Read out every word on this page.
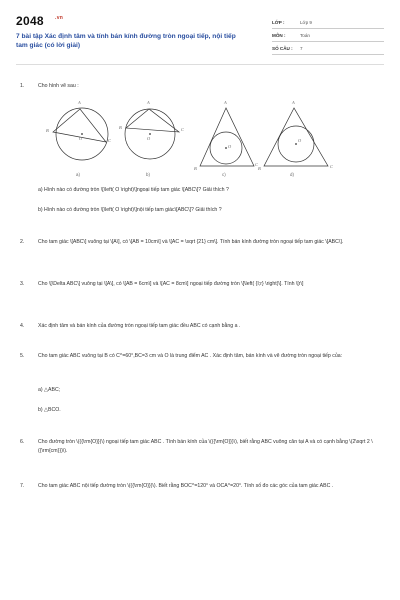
2048 .vn
7 bài tập Xác định tâm và tính bán kính đường tròn ngoại tiếp, nội tiếp tam giác (có lời giải)
LỚP :	Lớp 9
MÔN :	Toán
SỐ CÂU : 7
1.	Cho hình vẽ sau :
A
B
C
O
A
B	C
O
A
B
C
O
A
B	C
O
a)	b)	c)	d)
a) Hình nào có đường tròn \[\left( O \right)\]ngoại tiếp tam giác \[ABC\]? Giải thích ?
b) Hình nào có đường tròn \[\left( O \right)\]nội tiếp tam giác\[ABC\]? Giải thích ?
2.	Cho tam giác \[ABC\] vuông tại \[A\], có \[AB = 10cm\] và \[AC = \sqrt {21} cm\]. Tính bán kính đường tròn ngoại tiếp tam giác \[ABC\].
3.	Cho \[\Delta ABC\] vuông tại \[A\], có \[AB = 6cm\] và \[AC = 8cm\] ngoại tiếp đường tròn \[\left( {I;r} \right)\]. Tính \[r\]
4.	Xác định tâm và bán kính của đường tròn ngoại tiếp tam giác đều ABC có cạnh bằng a .
5.	Cho tam giác ABC vuông tại B có C^=60°,BC=3 cm và O là trung điểm AC . Xác định tâm, bán kính và vẽ đường tròn ngoại tiếp của:
a) △ABC;
b) △BCO.
6.	Cho đường tròn \(({\rm{O}})\) ngoại tiếp tam giác ABC . Tính bán kính của \(({\rm{O}})\), biết rằng ABC vuông cân tại A và có cạnh bằng \(2\sqrt 2 \({\rm{cm}})\).
7.	Cho tam giác ABC nội tiếp đường tròn \(({\rm{O}})\). Biết rằng BOC^=120° và OCA^=20°. Tính số đo các góc của tam giác ABC .
